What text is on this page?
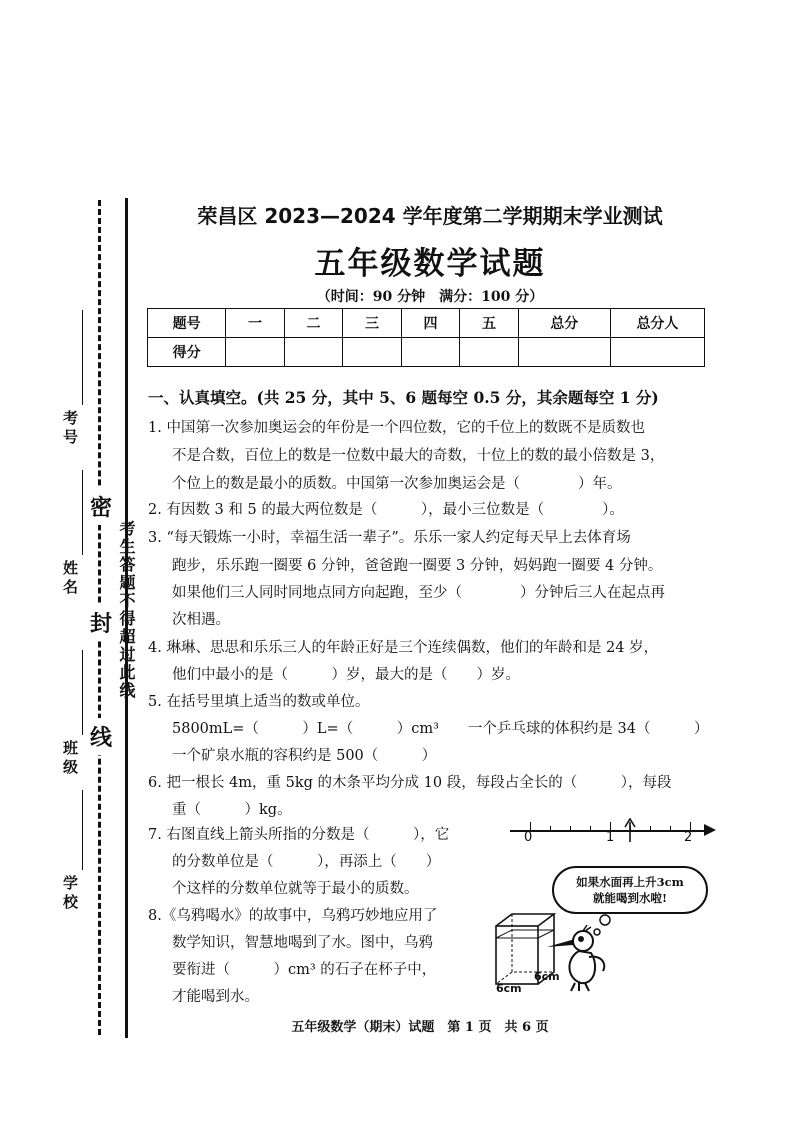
考号
姓名
班级
学校
密
封
线
考生答题不得超过此线
荣昌区 2023—2024 学年度第二学期期末学业测试
五年级数学试题
（时间：90 分钟　满分：100 分）
题号	一	二	三	四	五	总分	总分人
得分							
一、认真填空。(共 25 分，其中 5、6 题每空 0.5 分，其余题每空 1 分)
1. 中国第一次参加奥运会的年份是一个四位数，它的千位上的数既不是质数也
不是合数，百位上的数是一位数中最大的奇数，十位上的数的最小倍数是 3，
个位上的数是最小的质数。中国第一次参加奥运会是（　　　　）年。
2. 有因数 3 和 5 的最大两位数是（　　　），最小三位数是（　　　　）。
3. “每天锻炼一小时，幸福生活一辈子”。乐乐一家人约定每天早上去体育场
跑步，乐乐跑一圈要 6 分钟，爸爸跑一圈要 3 分钟，妈妈跑一圈要 4 分钟。
如果他们三人同时同地点同方向起跑，至少（　　　　）分钟后三人在起点再
次相遇。
4. 琳琳、思思和乐乐三人的年龄正好是三个连续偶数，他们的年龄和是 24 岁，
他们中最小的是（　　　）岁，最大的是（　　）岁。
5. 在括号里填上适当的数或单位。
5800mL=（　　　）L=（　　　）cm³　　一个乒乓球的体积约是 34（　　　）
一个矿泉水瓶的容积约是 500（　　　）
6. 把一根长 4m，重 5kg 的木条平均分成 10 段，每段占全长的（　　　），每段
重（　　　）kg。
7. 右图直线上箭头所指的分数是（　　　），它
的分数单位是（　　　），再添上（　　）
个这样的分数单位就等于最小的质数。
8.《乌鸦喝水》的故事中，乌鸦巧妙地应用了
数学知识，智慧地喝到了水。图中，乌鸦
要衔进（　　　）cm³ 的石子在杯子中，
才能喝到水。
0	1	2
如果水面再上升3cm
就能喝到水啦!
6cm
6cm
五年级数学（期末）试题　第 1 页　共 6 页
